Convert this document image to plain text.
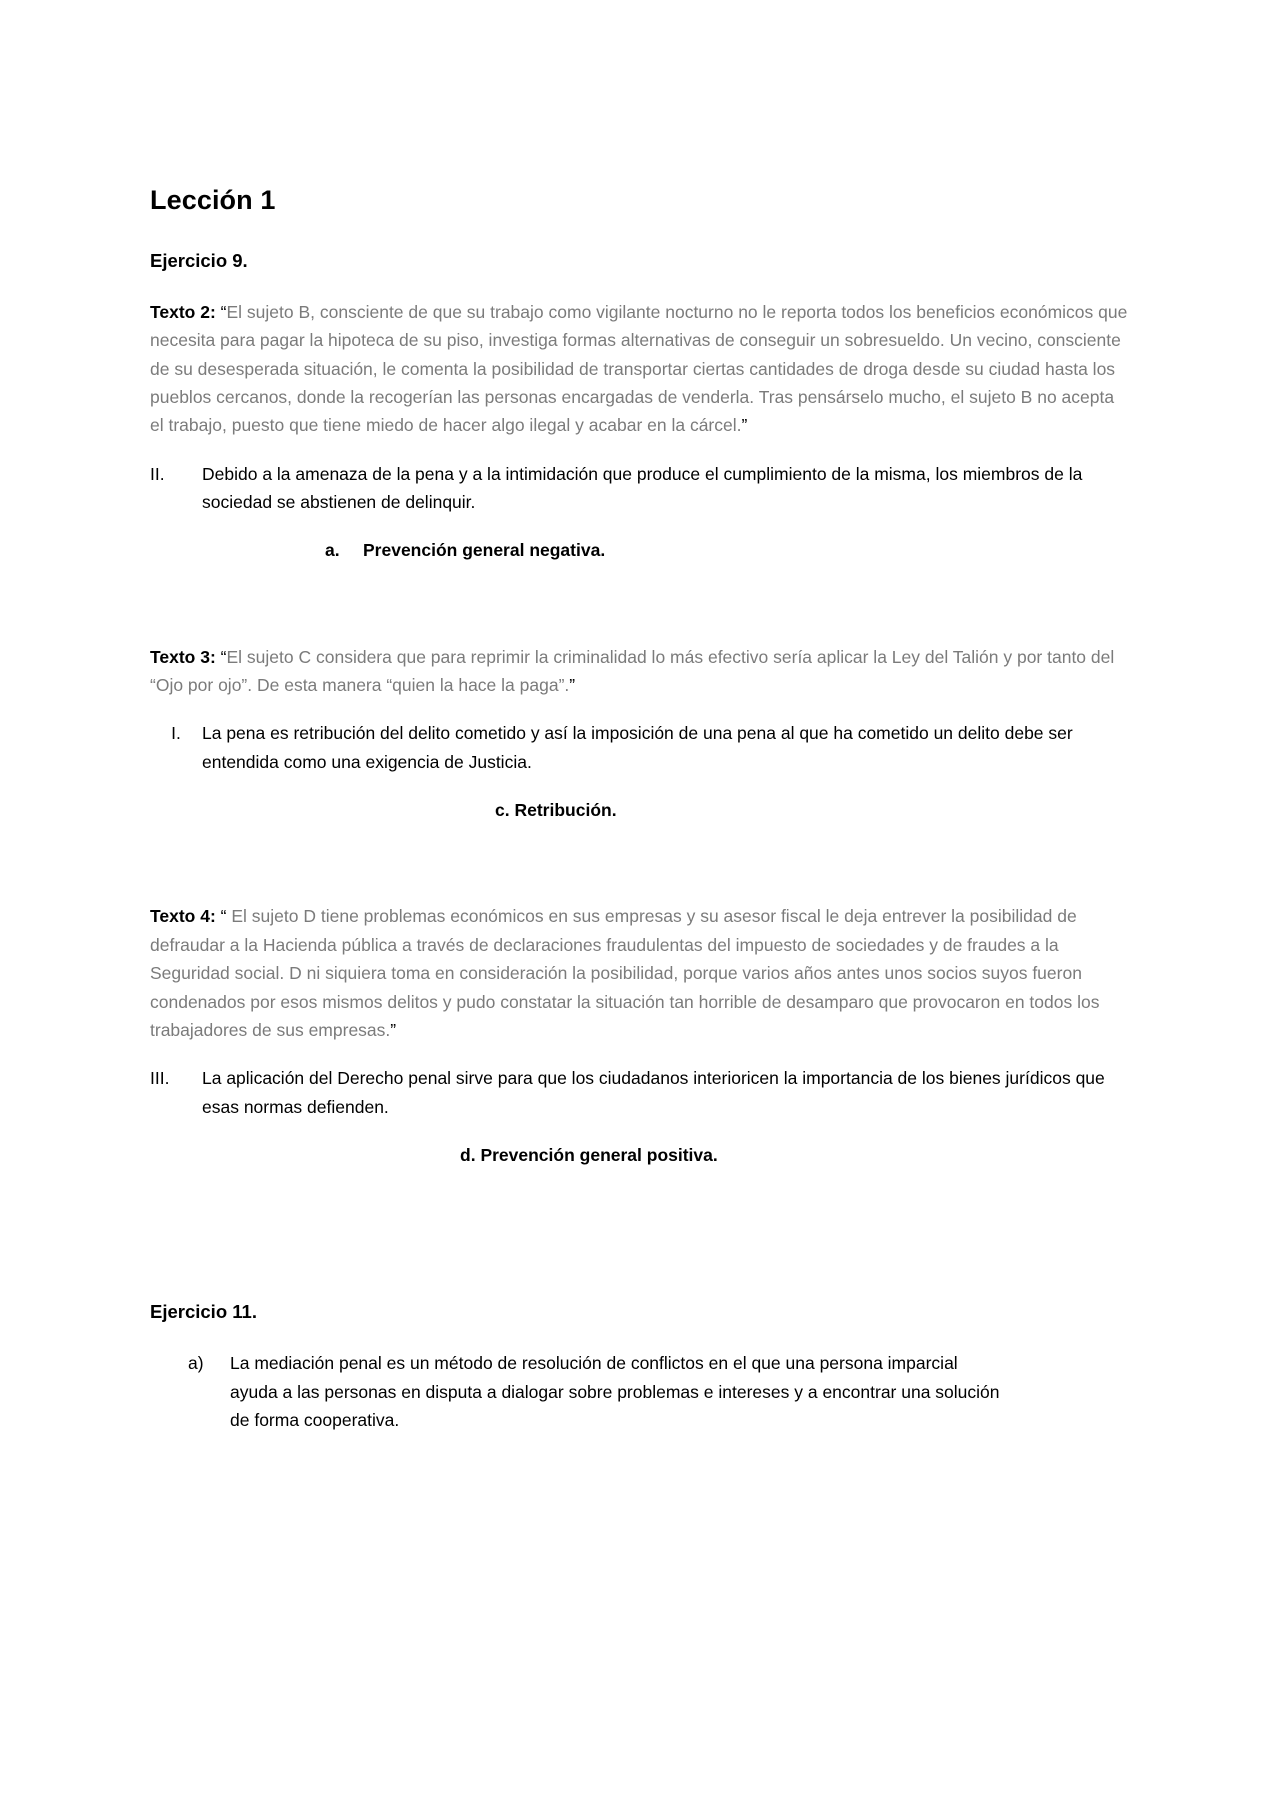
Lección 1
Ejercicio 9.

Texto 2: “El sujeto B, consciente de que su trabajo como vigilante nocturno no le reporta todos los beneficios económicos que necesita para pagar la hipoteca de su piso, investiga formas alternativas de conseguir un sobresueldo. Un vecino, consciente de su desesperada situación, le comenta la posibilidad de transportar ciertas cantidades de droga desde su ciudad hasta los pueblos cercanos, donde la recogerían las personas encargadas de venderla. Tras pensárselo mucho, el sujeto B no acepta el trabajo, puesto que tiene miedo de hacer algo ilegal y acabar en la cárcel.”

II.	Debido a la amenaza de la pena y a la intimidación que produce el cumplimiento de la misma, los miembros de la sociedad se abstienen de delinquir.
a. Prevención general negativa.

Texto 3: “El sujeto C considera que para reprimir la criminalidad lo más efectivo sería aplicar la Ley del Talión y por tanto del “Ojo por ojo”. De esta manera “quien la hace la paga”.”

I.	La pena es retribución del delito cometido y así la imposición de una pena al que ha cometido un delito debe ser entendida como una exigencia de Justicia.
c. Retribución.

Texto 4: “ El sujeto D tiene problemas económicos en sus empresas y su asesor fiscal le deja entrever la posibilidad de defraudar a la Hacienda pública a través de declaraciones fraudulentas del impuesto de sociedades y de fraudes a la Seguridad social. D ni siquiera toma en consideración la posibilidad, porque varios años antes unos socios suyos fueron condenados por esos mismos delitos y pudo constatar la situación tan horrible de desamparo que provocaron en todos los trabajadores de sus empresas.”

III.	La aplicación del Derecho penal sirve para que los ciudadanos interioricen la importancia de los bienes jurídicos que esas normas defienden.
d. Prevención general positiva.
Ejercicio 11.
a)	La mediación penal es un método de resolución de conflictos en el que una persona imparcial ayuda a las personas en disputa a dialogar sobre problemas e intereses y a encontrar una solución de forma cooperativa.
